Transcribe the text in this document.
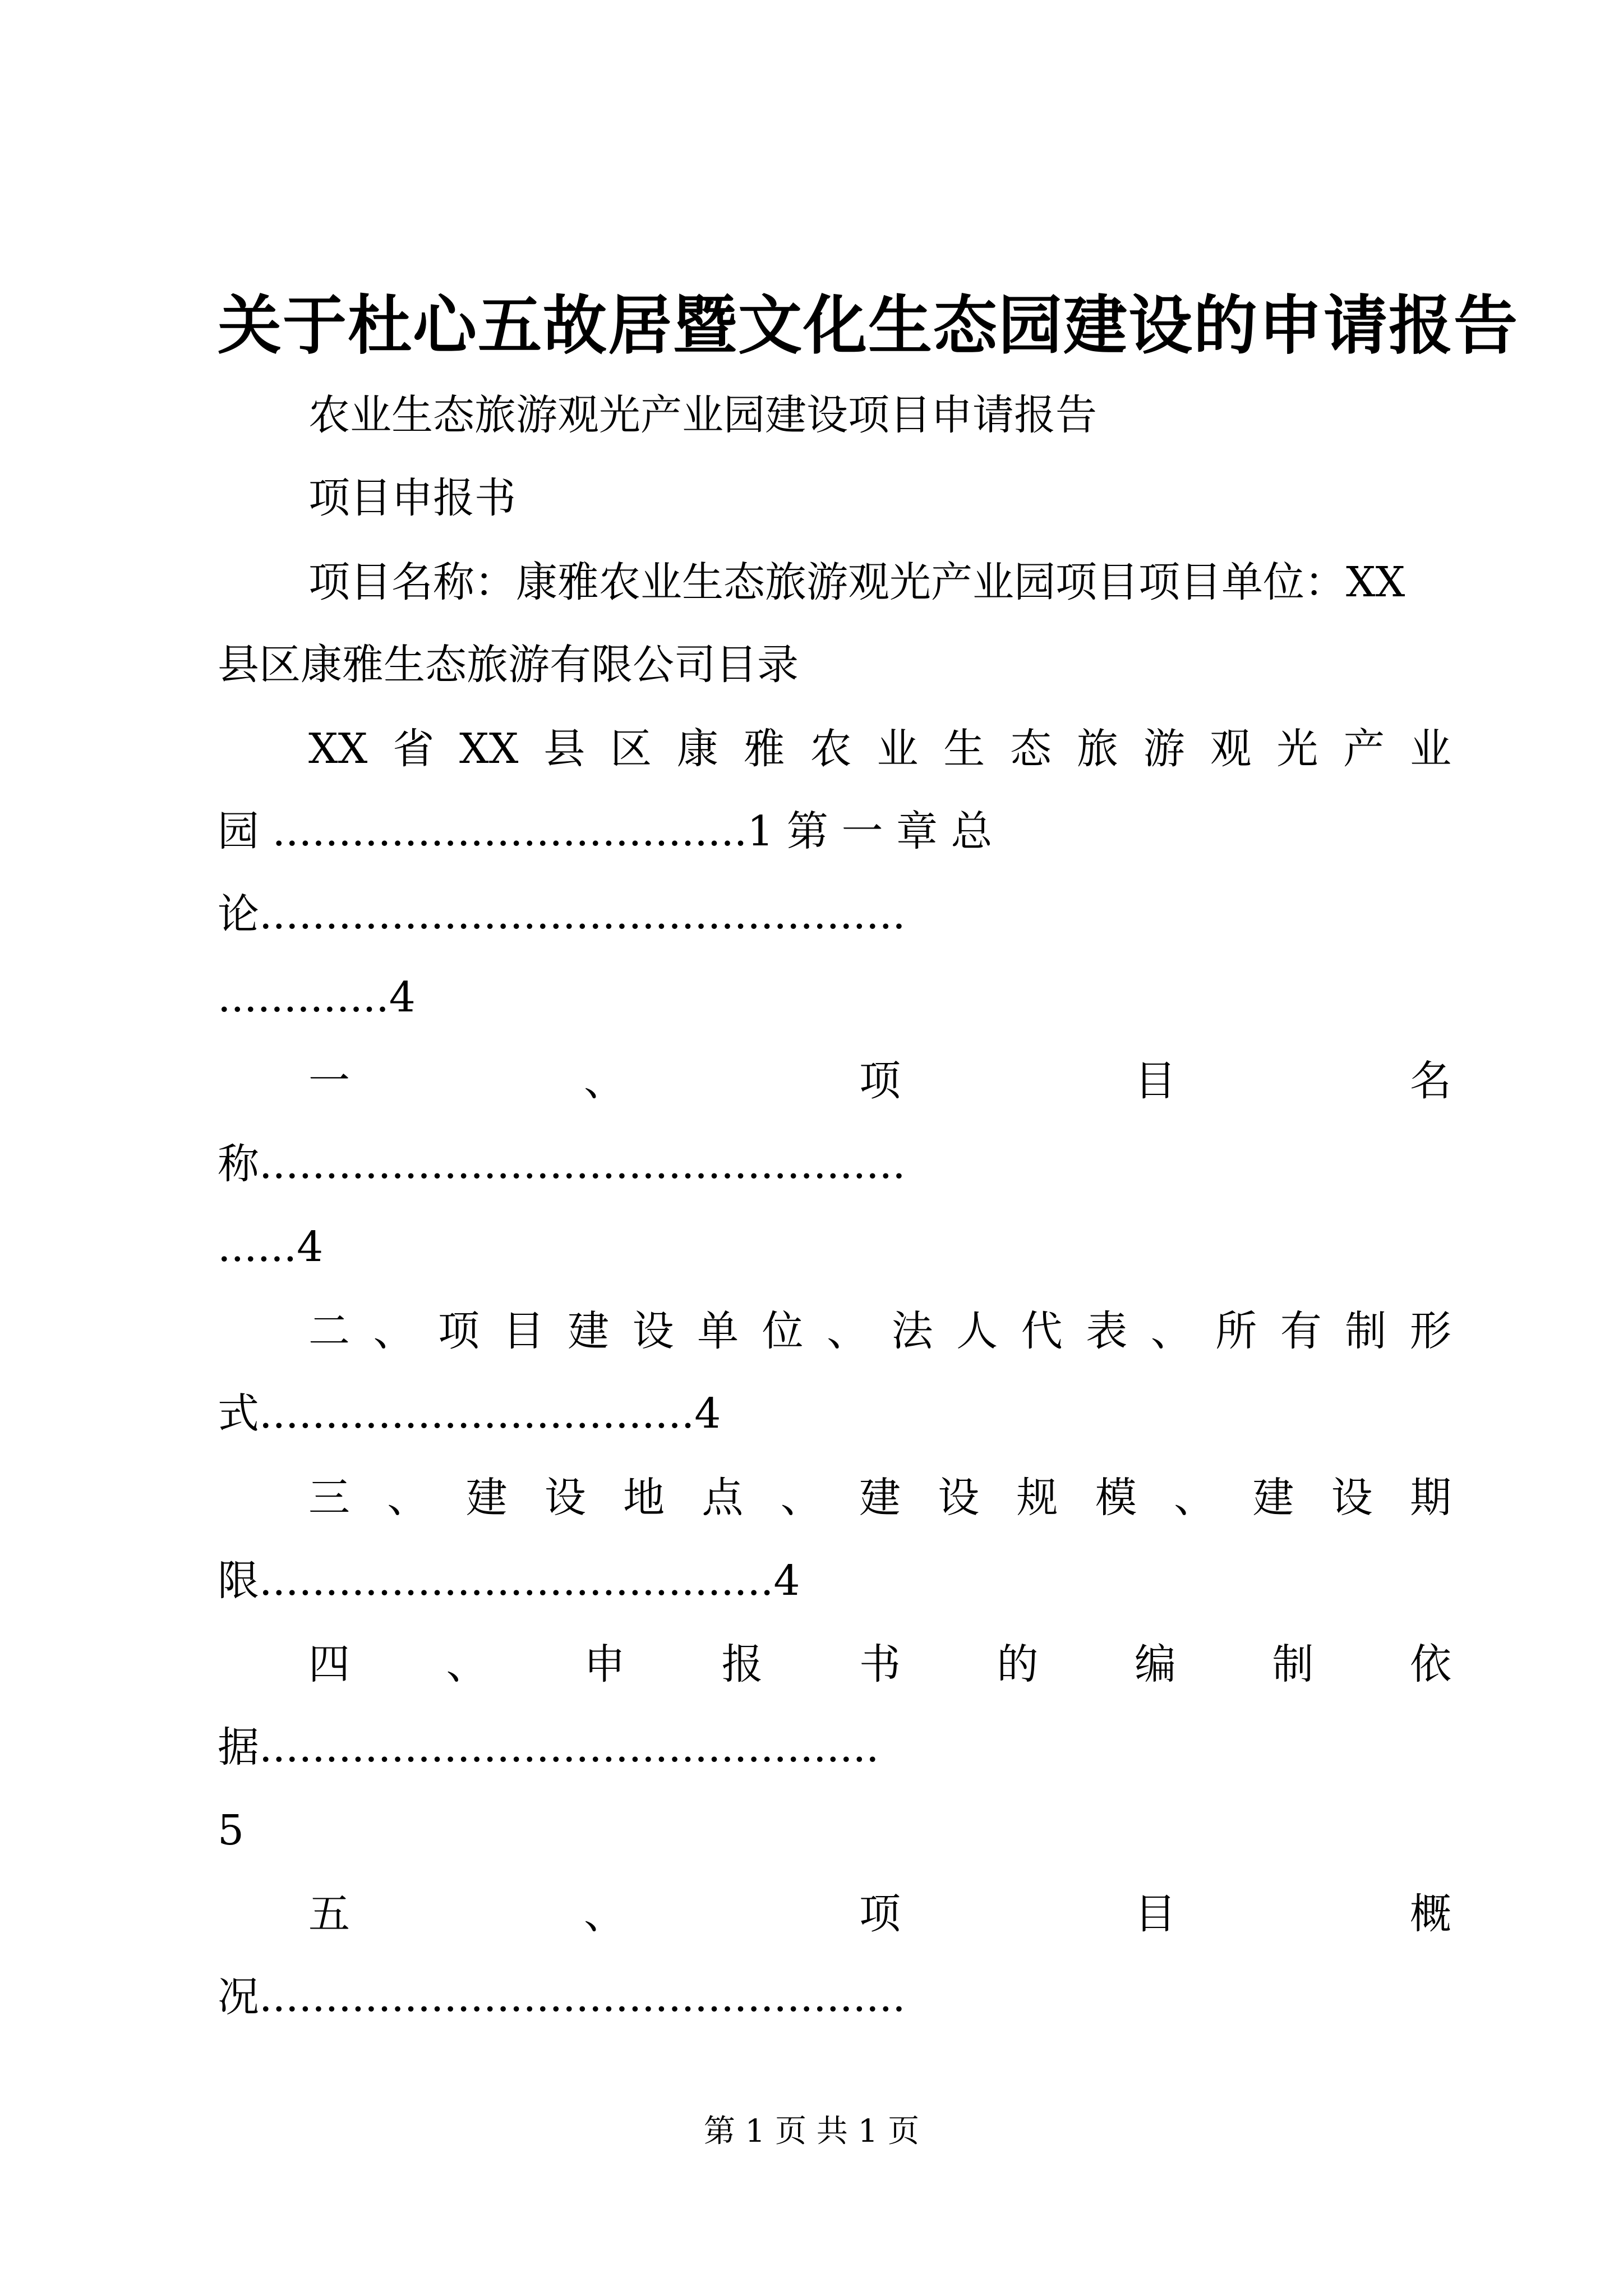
关于杜心五故居暨文化生态园建设的申请报告
农业生态旅游观光产业园建设项目申请报告
项目申报书
项目名称：康雅农业生态旅游观光产业园项目项目单位：XX
县区康雅生态旅游有限公司目录
XX 省 XX 县 区 康 雅 农 业 生 态 旅 游 观 光 产 业
园 ....................................1 第 一 章 总
论.................................................
.............4
一	、	项	目	名
称.................................................
......4
二 、 项 目 建 设 单 位 、 法 人 代 表 、 所 有 制 形
式.................................4
三 、 建 设 地 点 、 建 设 规 模 、 建 设 期
限.......................................4
四 、 申 报 书 的 编 制 依
据...............................................
5
五	、	项	目	概
况.................................................
第 1 页 共 1 页
